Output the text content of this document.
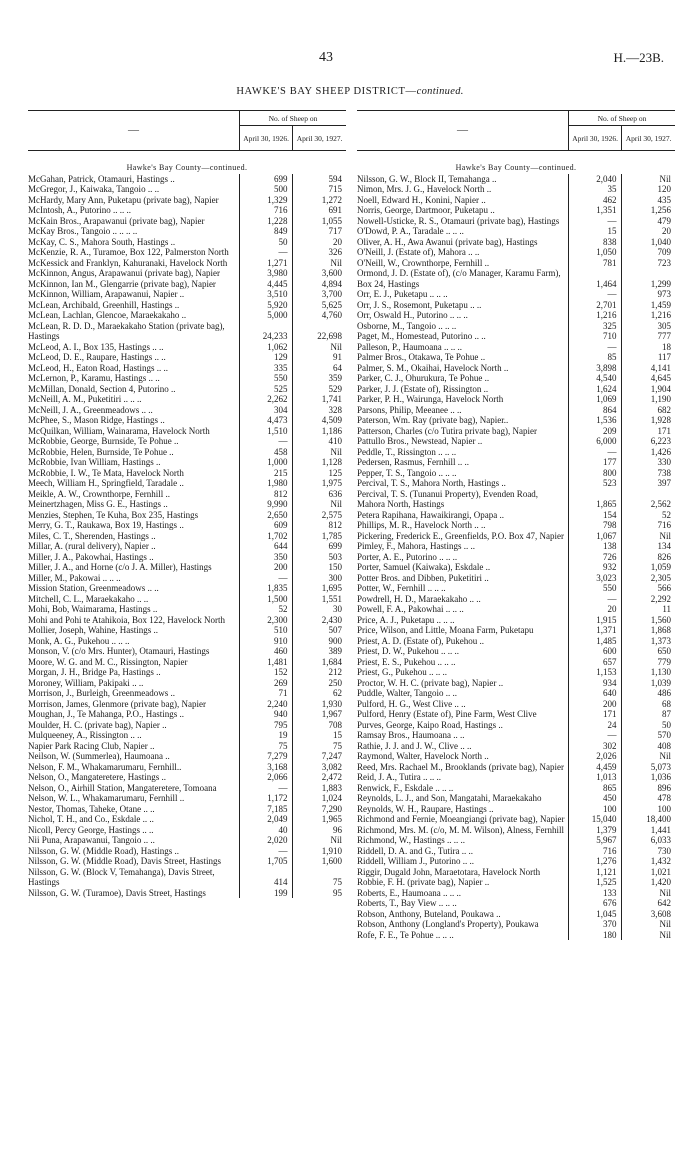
43	H.—23B.
HAWKE'S BAY SHEEP DISTRICT—continued.
—	No. of Sheep on	
	April 30, 1926.	April 30, 1927.
Hawke's Bay County—continued.		
McGahan, Patrick, Otamauri, Hastings ..	699	594
McGregor, J., Kaiwaka, Tangoio .. ..	500	715
McHardy, Mary Ann, Puketapu (private bag), Napier	1,329	1,272
McIntosh, A., Putorino .. .. ..	716	691
McKain Bros., Arapawanui (private bag), Napier	1,228	1,055
McKay Bros., Tangoio .. .. .. ..	849	717
McKay, C. S., Mahora South, Hastings ..	50	20
McKenzie, R. A., Turamoe, Box 122, Palmerston North	—	326
McKessick and Franklyn, Kahuranaki, Havelock North	1,271	Nil
McKinnon, Angus, Arapawanui (private bag), Napier	3,980	3,600
McKinnon, Ian M., Glengarrie (private bag), Napier	4,445	4,894
McKinnon, William, Arapawanui, Napier ..	3,510	3,700
McLean, Archibald, Greenhill, Hastings ..	5,920	5,625
McLean, Lachlan, Glencoe, Maraekakaho ..	5,000	4,760
McLean, R. D. D., Maraekakaho Station (private bag), Hastings	24,233	22,698
McLeod, A. I., Box 135, Hastings .. ..	1,062	Nil
McLeod, D. E., Raupare, Hastings .. ..	129	91
McLeod, H., Eaton Road, Hastings .. ..	335	64
McLernon, P., Karamu, Hastings .. ..	550	359
McMillan, Donald, Section 4, Putorino ..	525	529
McNeill, A. M., Puketitiri .. .. ..	2,262	1,741
McNeill, J. A., Greenmeadows .. ..	304	328
McPhee, S., Mason Ridge, Hastings ..	4,473	4,509
McQuilkan, William, Wainarama, Havelock North	1,510	1,186
McRobbie, George, Burnside, Te Pohue ..	—	410
McRobbie, Helen, Burnside, Te Pohue ..	458	Nil
McRobbie, Ivan William, Hastings ..	1,000	1,128
McRobbie, I. W., Te Mata, Havelock North	215	125
Meech, William H., Springfield, Taradale ..	1,980	1,975
Meikle, A. W., Crownthorpe, Fernhill ..	812	636
Meinertzhagen, Miss G. E., Hastings ..	9,990	Nil
Menzies, Stephen, Te Kuha, Box 235, Hastings	2,650	2,575
Merry, G. T., Raukawa, Box 19, Hastings ..	609	812
Miles, C. T., Sherenden, Hastings ..	1,702	1,785
Millar, A. (rural delivery), Napier ..	644	699
Miller, J. A., Pakowhai, Hastings ..	350	503
Miller, J. A., and Horne (c/o J. A. Miller), Hastings	200	150
Miller, M., Pakowai .. .. ..	—	300
Mission Station, Greenmeadows .. ..	1,835	1,695
Mitchell, C. L., Maraekakaho .. ..	1,500	1,551
Mohi, Bob, Waimarama, Hastings ..	52	30
Mohi and Pohi te Atahikoia, Box 122, Havelock North	2,300	2,430
Mollier, Joseph, Wahine, Hastings ..	510	507
Monk, A. G., Pukehou .. .. ..	910	900
Monson, V. (c/o Mrs. Hunter), Otamauri, Hastings	460	389
Moore, W. G. and M. C., Rissington, Napier	1,481	1,684
Morgan, J. H., Bridge Pa, Hastings ..	152	212
Moroney, William, Pakipaki .. ..	269	250
Morrison, J., Burleigh, Greenmeadows ..	71	62
Morrison, James, Glenmore (private bag), Napier	2,240	1,930
Moughan, J., Te Mahanga, P.O., Hastings ..	940	1,967
Moulder, H. C. (private bag), Napier ..	795	708
Mulqueeney, A., Rissington .. ..	19	15
Napier Park Racing Club, Napier ..	75	75
Neilson, W. (Summerlea), Haumoana ..	7,279	7,247
Nelson, F. M., Whakamarumaru, Fernhill..	3,168	3,082
Nelson, O., Mangateretere, Hastings ..	2,066	2,472
Nelson, O., Airhill Station, Mangateretere, Tomoana	—	1,883
Nelson, W. L., Whakamarumaru, Fernhill ..	1,172	1,024
Nestor, Thomas, Taheke, Otane .. ..	7,185	7,290
Nichol, T. H., and Co., Eskdale .. ..	2,049	1,965
Nicoll, Percy George, Hastings .. ..	40	96
Nii Puna, Arapawanui, Tangoio .. ..	2,020	Nil
Nilsson, G. W. (Middle Road), Hastings ..	—	1,910
Nilsson, G. W. (Middle Road), Davis Street, Hastings	1,705	1,600
Nilsson, G. W. (Block V, Temahanga), Davis Street, Hastings	414	75
Nilsson, G. W. (Turamoe), Davis Street, Hastings	199	95
—	No. of Sheep on	
	April 30, 1926.	April 30, 1927.
Hawke's Bay County—continued.		
Nilsson, G. W., Block II, Temahanga ..	2,040	Nil
Nimon, Mrs. J. G., Havelock North ..	35	120
Noell, Edward H., Konini, Napier ..	462	435
Norris, George, Dartmoor, Puketapu ..	1,351	1,256
Nowell-Usticke, R. S., Otamauri (private bag), Hastings	—	479
O'Dowd, P. A., Taradale .. .. ..	15	20
Oliver, A. H., Awa Awanui (private bag), Hastings	838	1,040
O'Neill, J. (Estate of), Mahora .. ..	1,050	709
O'Neill, W., Crownthorpe, Fernhill ..	781	723
Ormond, J. D. (Estate of), (c/o Manager, Karamu Farm), Box 24, Hastings	1,464	1,299
Orr, E. J., Puketapu .. .. ..	—	973
Orr, J. S., Rosemont, Puketapu .. ..	2,701	1,459
Orr, Oswald H., Putorino .. .. ..	1,216	1,216
Osborne, M., Tangoio .. .. ..	325	305
Paget, M., Homestead, Putorino .. ..	710	777
Palleson, P., Haumoana .. .. ..	—	18
Palmer Bros., Otakawa, Te Pohue ..	85	117
Palmer, S. M., Okaihai, Havelock North ..	3,898	4,141
Parker, C. J., Ohurukura, Te Pohue ..	4,540	4,645
Parker, J. J. (Estate of), Rissington ..	1,624	1,904
Parker, P. H., Wairunga, Havelock North	1,069	1,190
Parsons, Philip, Meeanee .. ..	864	682
Paterson, Wm. Ray (private bag), Napier..	1,536	1,928
Patterson, Charles (c/o Tutira private bag), Napier	209	171
Pattullo Bros., Newstead, Napier ..	6,000	6,223
Peddle, T., Rissington .. .. ..	—	1,426
Pedersen, Rasmus, Fernhill .. ..	177	330
Pepper, T. S., Tangoio .. .. ..	800	738
Percival, T. S., Mahora North, Hastings ..	523	397
Percival, T. S. (Tunanui Property), Evenden Road, Mahora North, Hastings	1,865	2,562
Petera Rapihana, Hawaikirangi, Opapa ..	154	52
Phillips, M. R., Havelock North .. ..	798	716
Pickering, Frederick E., Greenfields, P.O. Box 47, Napier	1,067	Nil
Pimley, F., Mahora, Hastings .. ..	138	134
Porter, A. E., Putorino .. .. ..	726	826
Porter, Samuel (Kaiwaka), Eskdale ..	932	1,059
Potter Bros. and Dibben, Puketitiri ..	3,023	2,305
Potter, W., Fernhill .. .. ..	550	566
Powdrell, H. D., Maraekakaho .. ..	—	2,292
Powell, F. A., Pakowhai .. .. ..	20	11
Price, A. J., Puketapu .. .. ..	1,915	1,560
Price, Wilson, and Little, Moana Farm, Puketapu	1,371	1,868
Priest, A. D. (Estate of), Pukehou ..	1,485	1,373
Priest, D. W., Pukehou .. .. ..	600	650
Priest, E. S., Pukehou .. .. ..	657	779
Priest, G., Pukehou .. .. ..	1,153	1,130
Proctor, W. H. C. (private bag), Napier ..	934	1,039
Puddle, Walter, Tangoio .. ..	640	486
Pulford, H. G., West Clive .. ..	200	68
Pulford, Henry (Estate of), Pine Farm, West Clive	171	87
Purves, George, Kaipo Road, Hastings ..	24	50
Ramsay Bros., Haumoana .. ..	—	570
Rathie, J. J. and J. W., Clive .. ..	302	408
Raymond, Walter, Havelock North ..	2,026	Nil
Reed, Mrs. Rachael M., Brooklands (private bag), Napier	4,459	5,073
Reid, J. A., Tutira .. .. ..	1,013	1,036
Renwick, F., Eskdale .. .. ..	865	896
Reynolds, L. J., and Son, Mangatahi, Maraekakaho	450	478
Reynolds, W. H., Raupare, Hastings ..	100	100
Richmond and Fernie, Moeangiangi (private bag), Napier	15,040	18,400
Richmond, Mrs. M. (c/o, M. M. Wilson), Alness, Fernhill	1,379	1,441
Richmond, W., Hastings .. .. ..	5,967	6,033
Riddell, D. A. and G., Tutira .. ..	716	730
Riddell, William J., Putorino .. ..	1,276	1,432
Riggir, Dugald John, Maraetotara, Havelock North	1,121	1,021
Robbie, F. H. (private bag), Napier ..	1,525	1,420
Roberts, E., Haumoana .. .. ..	133	Nil
Roberts, T., Bay View .. .. ..	676	642
Robson, Anthony, Buteland, Poukawa ..	1,045	3,608
Robson, Anthony (Longland's Property), Poukawa	370	Nil
Rofe, F. E., Te Pohue .. .. ..	180	Nil
